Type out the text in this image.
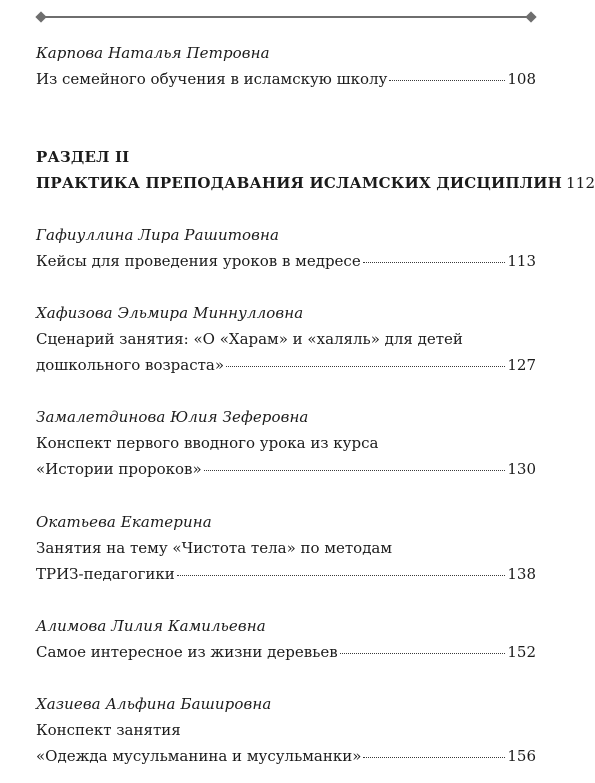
Карпова Наталья Петровна
Из семейного обучения в исламскую школу	108
РАЗДЕЛ II
ПРАКТИКА ПРЕПОДАВАНИЯ ИСЛАМСКИХ ДИСЦИПЛИН 112
Гафиуллина Лира Рашитовна
Кейсы для проведения уроков в медресе	113
Хафизова Эльмира Миннулловна
Сценарий занятия: «О «Харам» и «халяль» для детей
дошкольного возраста»	127
Замалетдинова Юлия Зеферовна
Конспект первого вводного урока из курса
«Истории пророков»	130
Окатьева Екатерина
Занятия на тему «Чистота тела» по методам
ТРИЗ-педагогики	138
Алимова Лилия Камильевна
Самое интересное из жизни деревьев	152
Хазиева Альфина Башировна
Конспект занятия
«Одежда мусульманина и мусульманки»	156
